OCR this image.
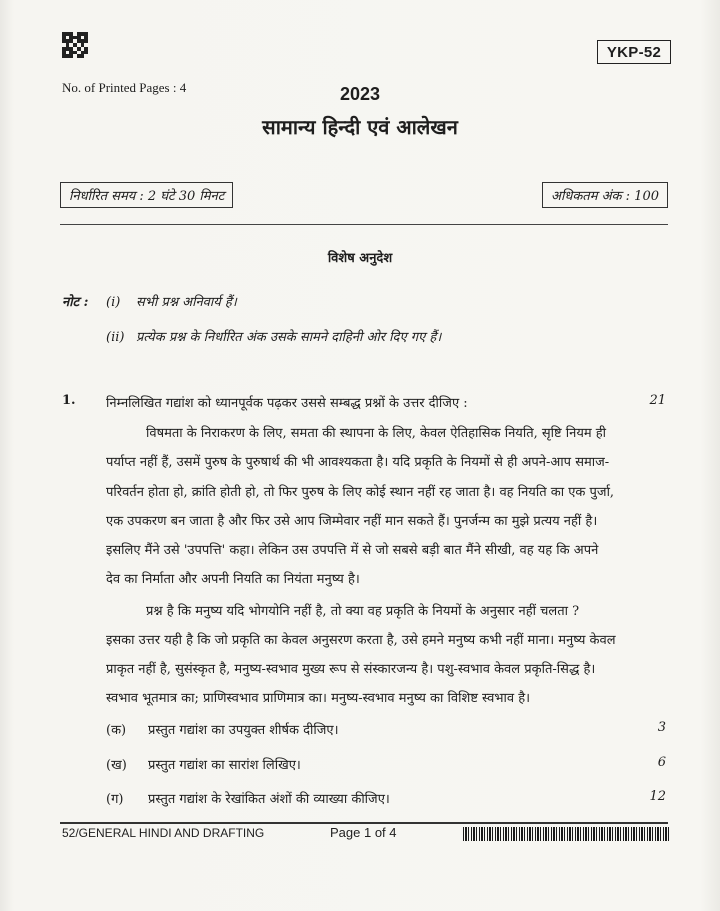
YKP-52
No. of Printed Pages : 4	2023
सामान्य हिन्दी एवं आलेखन
निर्धारित समय : 2 घंटे 30 मिनट	अधिकतम अंक : 100
विशेष अनुदेश
नोट : (i) सभी प्रश्न अनिवार्य हैं।
(ii) प्रत्येक प्रश्न के निर्धारित अंक उसके सामने दाहिनी ओर दिए गए हैं।
1. निम्नलिखित गद्यांश को ध्यानपूर्वक पढ़कर उससे सम्बद्ध प्रश्नों के उत्तर दीजिए :	21
विषमता के निराकरण के लिए, समता की स्थापना के लिए, केवल ऐतिहासिक नियति, सृष्टि नियम ही
पर्याप्त नहीं हैं, उसमें पुरुष के पुरुषार्थ की भी आवश्यकता है। यदि प्रकृति के नियमों से ही अपने-आप समाज-
परिवर्तन होता हो, क्रांति होती हो, तो फिर पुरुष के लिए कोई स्थान नहीं रह जाता है। वह नियति का एक पुर्जा,
एक उपकरण बन जाता है और फिर उसे आप जिम्मेवार नहीं मान सकते हैं। पुनर्जन्म का मुझे प्रत्यय नहीं है।
इसलिए मैंने उसे 'उपपत्ति' कहा। लेकिन उस उपपत्ति में से जो सबसे बड़ी बात मैंने सीखी, वह यह कि अपने
देव का निर्माता और अपनी नियति का नियंता मनुष्य है।
प्रश्न है कि मनुष्य यदि भोगयोनि नहीं है, तो क्या वह प्रकृति के नियमों के अनुसार नहीं चलता ?
इसका उत्तर यही है कि जो प्रकृति का केवल अनुसरण करता है, उसे हमने मनुष्य कभी नहीं माना। मनुष्य केवल
प्राकृत नहीं है, सुसंस्कृत है, मनुष्य-स्वभाव मुख्य रूप से संस्कारजन्य है। पशु-स्वभाव केवल प्रकृति-सिद्ध है।
स्वभाव भूतमात्र का; प्राणिस्वभाव प्राणिमात्र का। मनुष्य-स्वभाव मनुष्य का विशिष्ट स्वभाव है।
(क) प्रस्तुत गद्यांश का उपयुक्त शीर्षक दीजिए।	3
(ख) प्रस्तुत गद्यांश का सारांश लिखिए।	6
(ग) प्रस्तुत गद्यांश के रेखांकित अंशों की व्याख्या कीजिए।	12
52/GENERAL HINDI AND DRAFTING	Page 1 of 4
